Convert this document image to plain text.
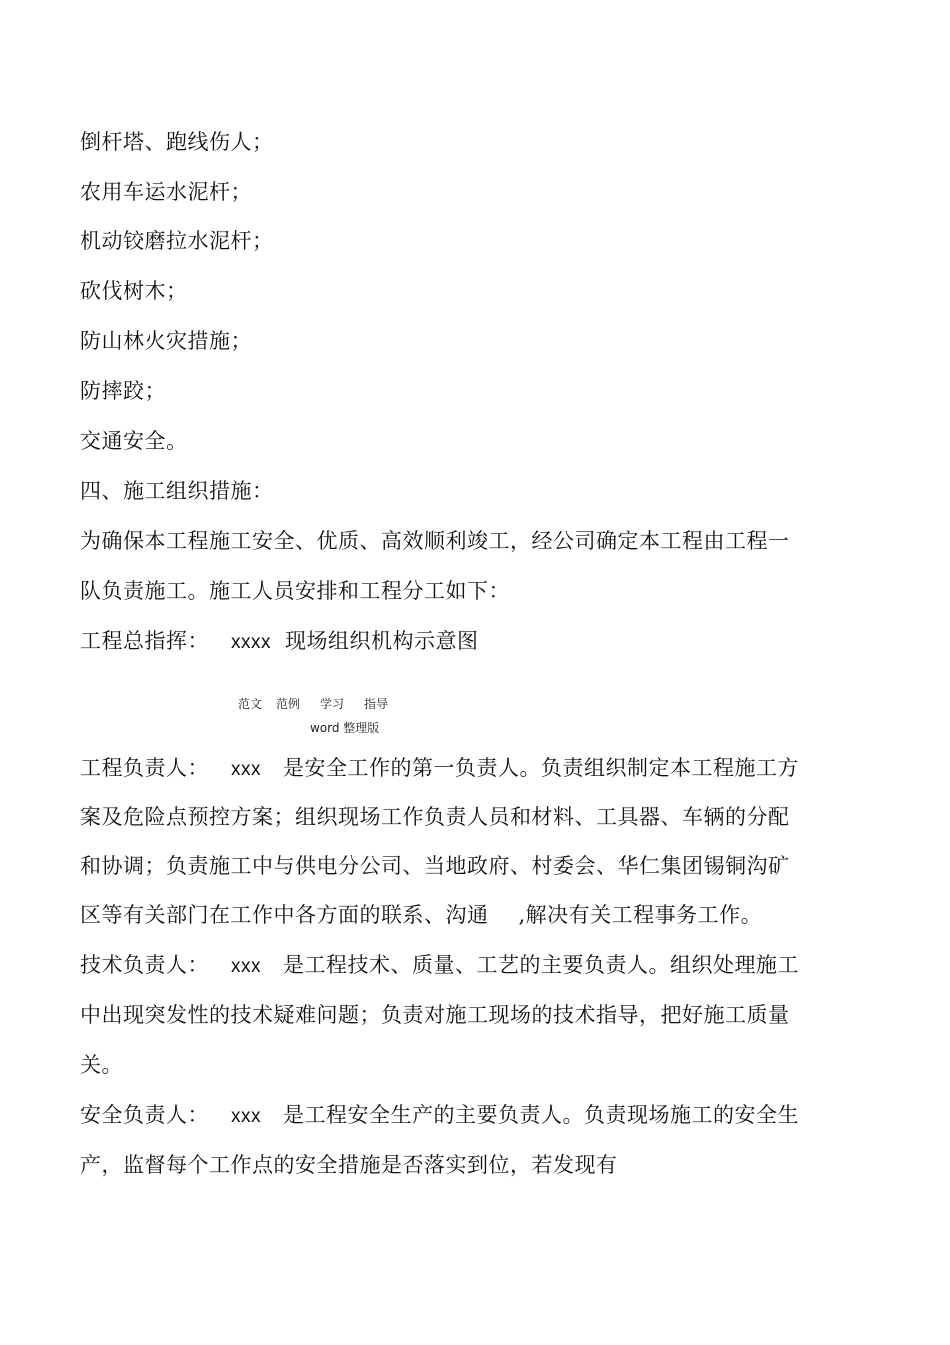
倒杆塔、跑线伤人；
农用车运水泥杆；
机动铰磨拉水泥杆；
砍伐树木；
防山林火灾措施；
防摔跤；
交通安全。
四、施工组织措施：
为确保本工程施工安全、优质、高效顺利竣工，经公司确定本工程由工程一
队负责施工。施工人员安排和工程分工如下：
工程总指挥： xxxx 现场组织机构示意图
范文 范例 学习 指导
word 整理版
工程负责人： xxx 是安全工作的第一负责人。负责组织制定本工程施工方
案及危险点预控方案；组织现场工作负责人员和材料、工具器、车辆的分配
和协调；负责施工中与供电分公司、当地政府、村委会、华仁集团锡铜沟矿
区等有关部门在工作中各方面的联系、沟通 ,解决有关工程事务工作。
技术负责人： xxx 是工程技术、质量、工艺的主要负责人。组织处理施工
中出现突发性的技术疑难问题；负责对施工现场的技术指导，把好施工质量
关。
安全负责人： xxx 是工程安全生产的主要负责人。负责现场施工的安全生
产，监督每个工作点的安全措施是否落实到位，若发现有
